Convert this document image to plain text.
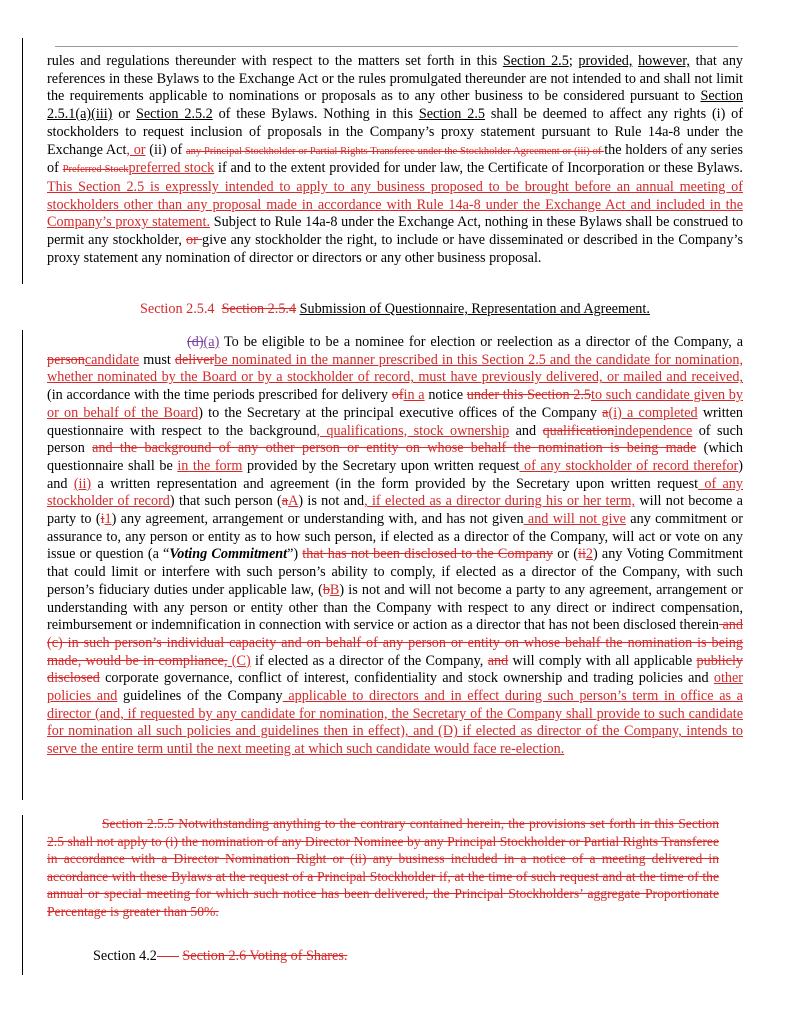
rules and regulations thereunder with respect to the matters set forth in this Section 2.5; provided, however, that any references in these Bylaws to the Exchange Act or the rules promulgated thereunder are not intended to and shall not limit the requirements applicable to nominations or proposals as to any other business to be considered pursuant to Section 2.5.1(a)(iii) or Section 2.5.2 of these Bylaws. Nothing in this Section 2.5 shall be deemed to affect any rights (i) of stockholders to request inclusion of proposals in the Company’s proxy statement pursuant to Rule 14a-8 under the Exchange Act, or (ii) of any Principal Stockholder or Partial Rights Transferee under the Stockholder Agreement or (iii) of the holders of any series of Preferred Stockpreferred stock if and to the extent provided for under law, the Certificate of Incorporation or these Bylaws. This Section 2.5 is expressly intended to apply to any business proposed to be brought before an annual meeting of stockholders other than any proposal made in accordance with Rule 14a-8 under the Exchange Act and included in the Company’s proxy statement. Subject to Rule 14a-8 under the Exchange Act, nothing in these Bylaws shall be construed to permit any stockholder, or give any stockholder the right, to include or have disseminated or described in the Company’s proxy statement any nomination of director or directors or any other business proposal.

Section 2.5.4 Section 2.5.4 Submission of Questionnaire, Representation and Agreement.

(d)(a) To be eligible to be a nominee for election or reelection as a director of the Company, a personcandidate must deliverbe nominated in the manner prescribed in this Section 2.5 and the candidate for nomination, whether nominated by the Board or by a stockholder of record, must have previously delivered, or mailed and received, (in accordance with the time periods prescribed for delivery ofin a notice under this Section 2.5to such candidate given by or on behalf of the Board) to the Secretary at the principal executive offices of the Company a(i) a completed written questionnaire with respect to the background, qualifications, stock ownership and qualificationindependence of such person and the background of any other person or entity on whose behalf the nomination is being made (which questionnaire shall be in the form provided by the Secretary upon written request of any stockholder of record therefor) and (ii) a written representation and agreement (in the form provided by the Secretary upon written request of any stockholder of record) that such person (aA) is not and, if elected as a director during his or her term, will not become a party to (i1) any agreement, arrangement or understanding with, and has not given and will not give any commitment or assurance to, any person or entity as to how such person, if elected as a director of the Company, will act or vote on any issue or question (a “Voting Commitment”) that has not been disclosed to the Company or (ii2) any Voting Commitment that could limit or interfere with such person’s ability to comply, if elected as a director of the Company, with such person’s fiduciary duties under applicable law, (bB) is not and will not become a party to any agreement, arrangement or understanding with any person or entity other than the Company with respect to any direct or indirect compensation, reimbursement or indemnification in connection with service or action as a director that has not been disclosed therein and (c) in such person’s individual capacity and on behalf of any person or entity on whose behalf the nomination is being made, would be in compliance, (C) if elected as a director of the Company, and will comply with all applicable publicly disclosed corporate governance, conflict of interest, confidentiality and stock ownership and trading policies and other policies and guidelines of the Company applicable to directors and in effect during such person’s term in office as a director (and, if requested by any candidate for nomination, the Secretary of the Company shall provide to such candidate for nomination all such policies and guidelines then in effect), and (D) if elected as director of the Company, intends to serve the entire term until the next meeting at which such candidate would face re-election.

Section 2.5.5 Notwithstanding anything to the contrary contained herein, the provisions set forth in this Section 2.5 shall not apply to (i) the nomination of any Director Nominee by any Principal Stockholder or Partial Rights Transferee in accordance with a Director Nomination Right or (ii) any business included in a notice of a meeting delivered in accordance with these Bylaws at the request of a Principal Stockholder if, at the time of such request and at the time of the annual or special meeting for which such notice has been delivered, the Principal Stockholders’ aggregate Proportionate Percentage is greater than 50%.

Section 4.2 Section 2.6 Voting of Shares.
